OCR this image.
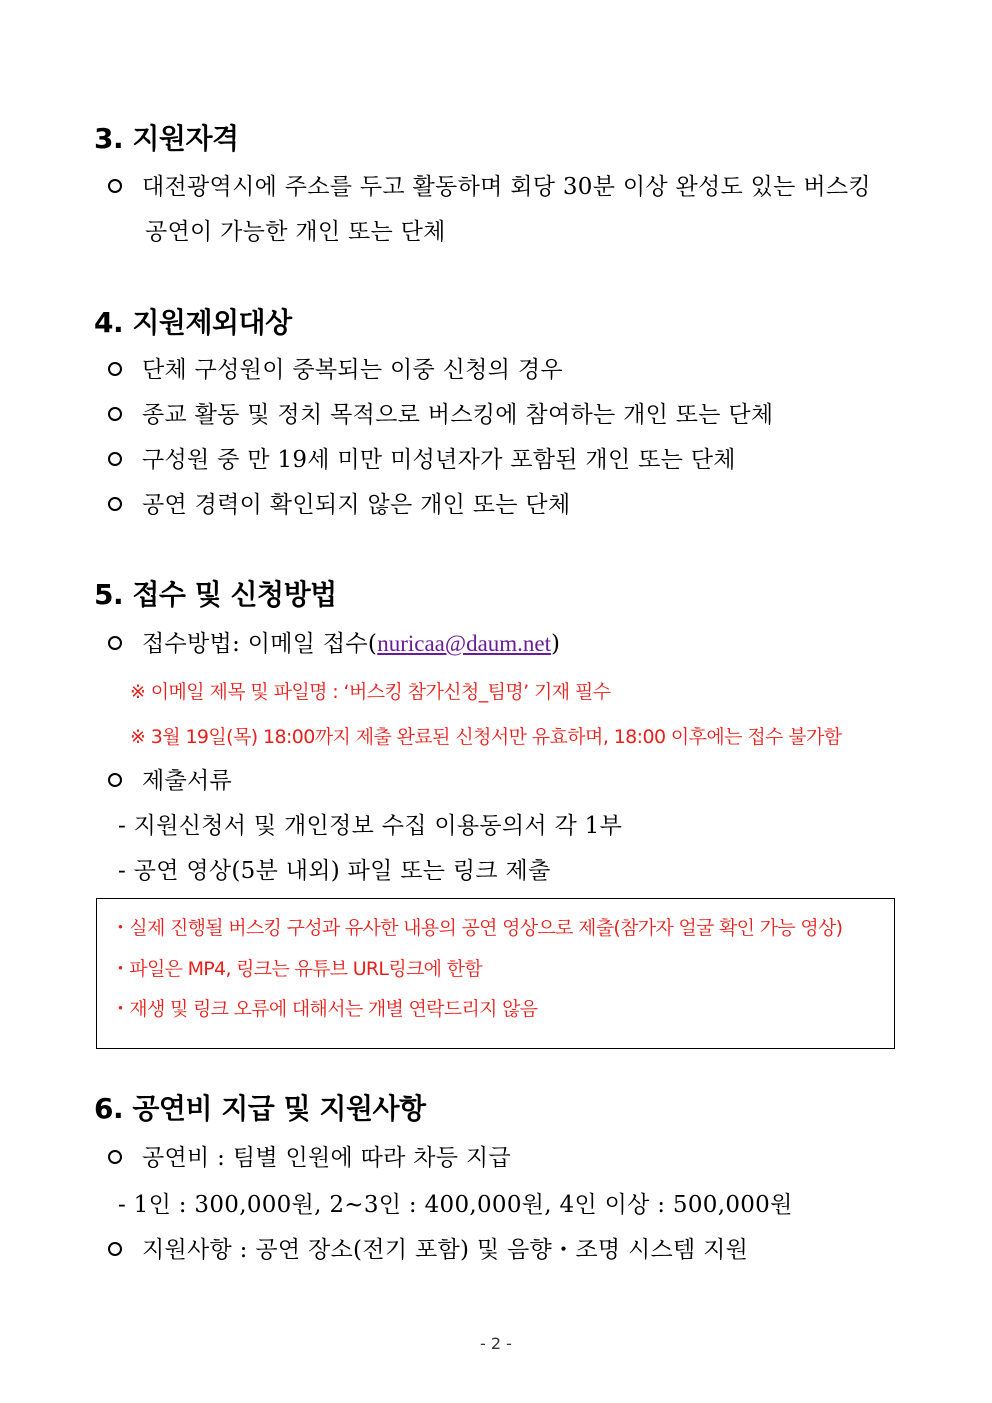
3. 지원자격
대전광역시에 주소를 두고 활동하며 회당 30분 이상 완성도 있는 버스킹
공연이 가능한 개인 또는 단체
4. 지원제외대상
단체 구성원이 중복되는 이중 신청의 경우
종교 활동 및 정치 목적으로 버스킹에 참여하는 개인 또는 단체
구성원 중 만 19세 미만 미성년자가 포함된 개인 또는 단체
공연 경력이 확인되지 않은 개인 또는 단체
5. 접수 및 신청방법
접수방법: 이메일 접수(nuricaa@daum.net)
※ 이메일 제목 및 파일명 : ‘버스킹 참가신청_팀명’ 기재 필수
※ 3월 19일(목) 18:00까지 제출 완료된 신청서만 유효하며, 18:00 이후에는 접수 불가함
제출서류
- 지원신청서 및 개인정보 수집 이용동의서 각 1부
- 공연 영상(5분 내외) 파일 또는 링크 제출
・실제 진행될 버스킹 구성과 유사한 내용의 공연 영상으로 제출(참가자 얼굴 확인 가능 영상)
・파일은 MP4, 링크는 유튜브 URL링크에 한함
・재생 및 링크 오류에 대해서는 개별 연락드리지 않음
6. 공연비 지급 및 지원사항
공연비 : 팀별 인원에 따라 차등 지급
- 1인 : 300,000원, 2~3인 : 400,000원, 4인 이상 : 500,000원
지원사항 : 공연 장소(전기 포함) 및 음향・조명 시스템 지원
- 2 -
